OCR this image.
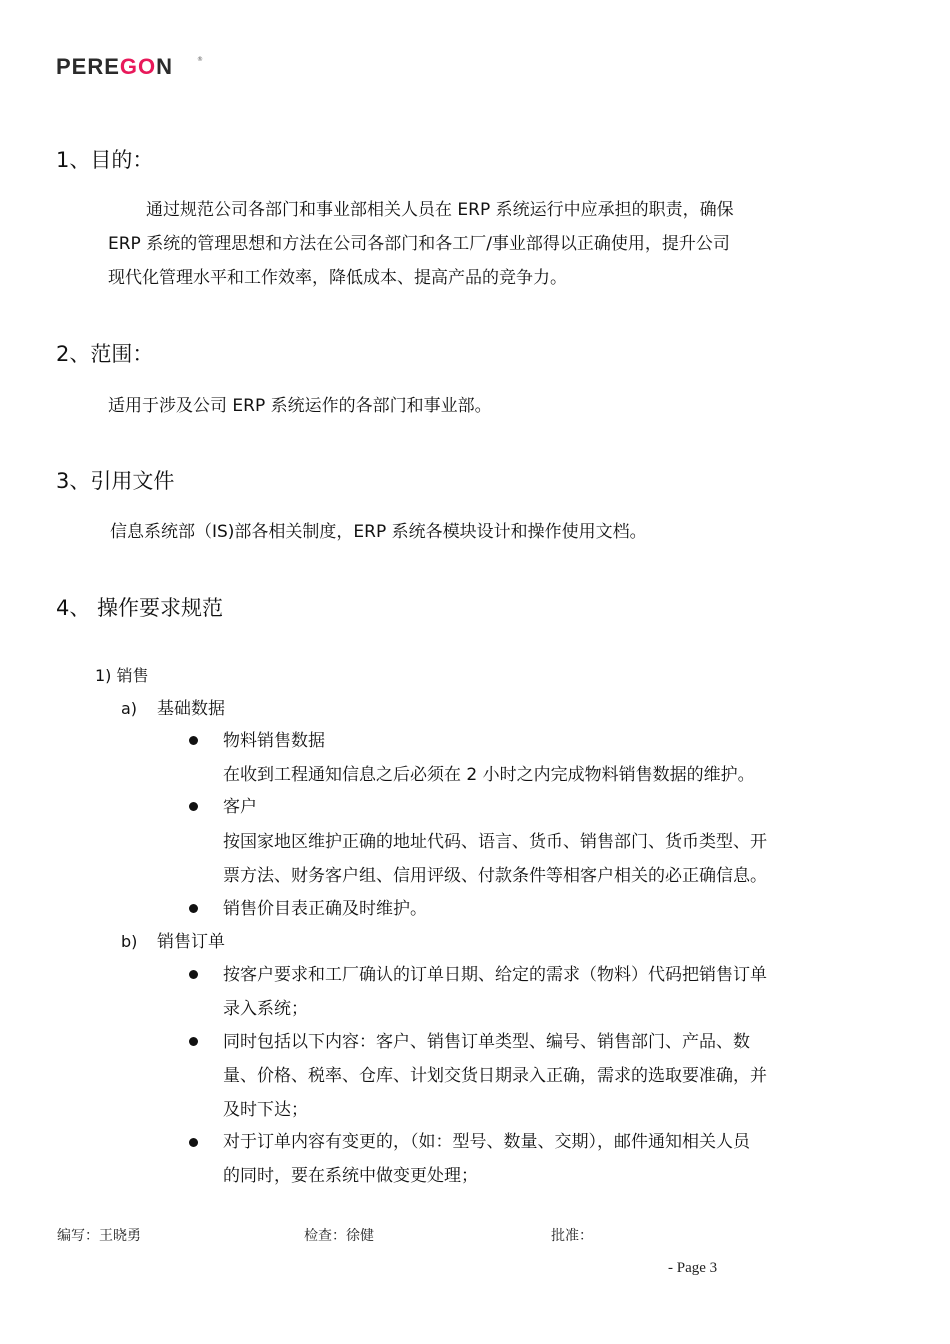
PEREGON	®
1、目的：
通过规范公司各部门和事业部相关人员在 ERP 系统运行中应承担的职责，确保
ERP 系统的管理思想和方法在公司各部门和各工厂/事业部得以正确使用，提升公司
现代化管理水平和工作效率，降低成本、提高产品的竞争力。
2、范围：
适用于涉及公司 ERP 系统运作的各部门和事业部。
3、引用文件
信息系统部（IS)部各相关制度，ERP 系统各模块设计和操作使用文档。
4、 操作要求规范
1) 销售
a) 基础数据
物料销售数据
在收到工程通知信息之后必须在 2 小时之内完成物料销售数据的维护。
客户
按国家地区维护正确的地址代码、语言、货币、销售部门、货币类型、开
票方法、财务客户组、信用评级、付款条件等相客户相关的必正确信息。
销售价目表正确及时维护。
b) 销售订单
按客户要求和工厂确认的订单日期、给定的需求（物料）代码把销售订单
录入系统；
同时包括以下内容：客户、销售订单类型、编号、销售部门、产品、数
量、价格、税率、仓库、计划交货日期录入正确，需求的选取要准确，并
及时下达；
对于订单内容有变更的，（如：型号、数量、交期），邮件通知相关人员
的同时，要在系统中做变更处理；
编写：王晓勇	检查：徐健	批准：
- Page 3
